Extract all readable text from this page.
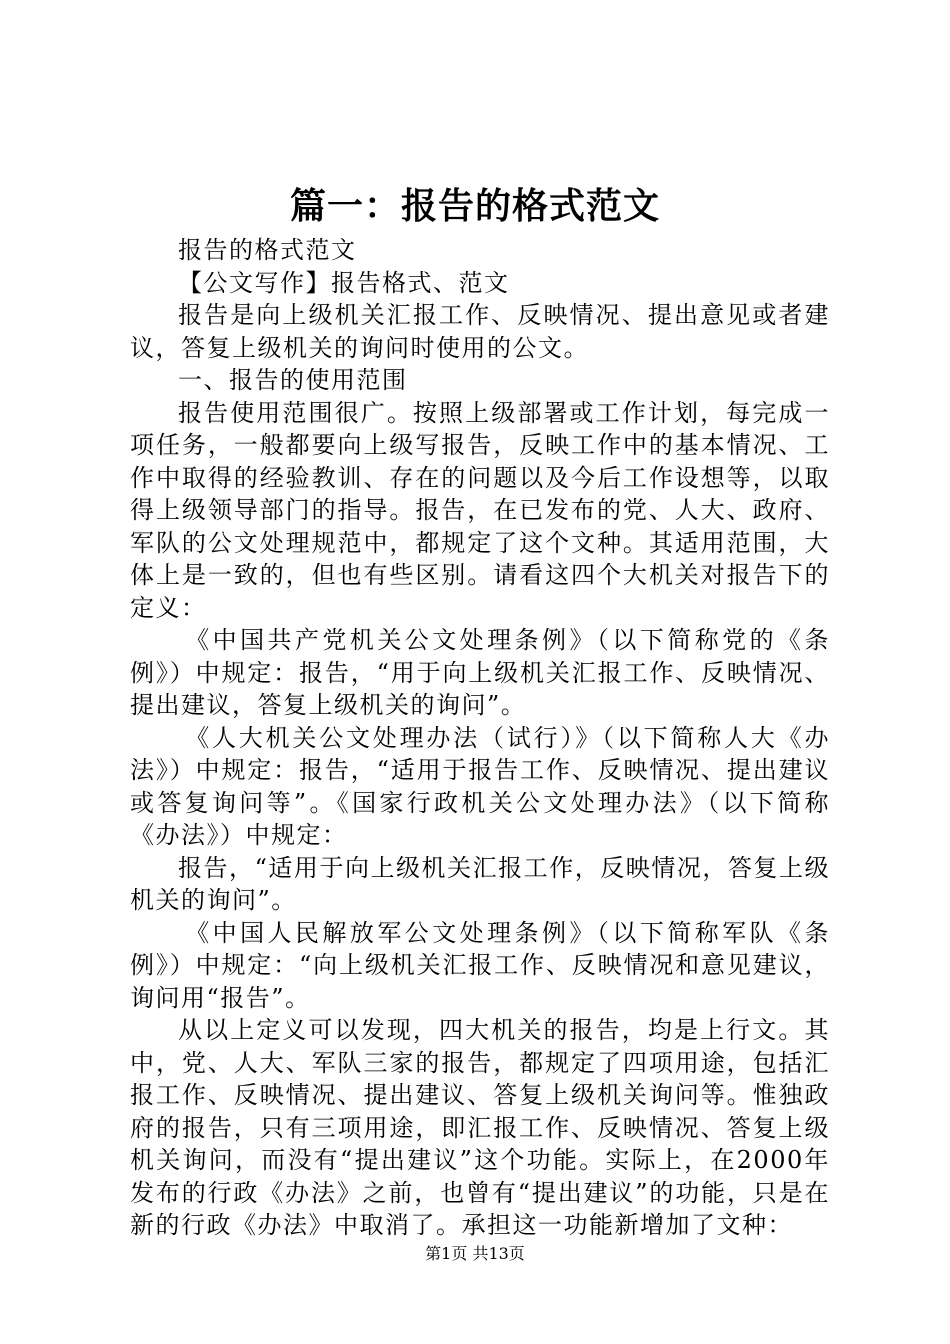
篇一：报告的格式范文

报告的格式范文

【公文写作】报告格式、范文

报告是向上级机关汇报工作、反映情况、提出意见或者建议，答复上级机关的询问时使用的公文。

一、报告的使用范围

报告使用范围很广。按照上级部署或工作计划，每完成一项任务，一般都要向上级写报告，反映工作中的基本情况、工作中取得的经验教训、存在的问题以及今后工作设想等，以取得上级领导部门的指导。报告，在已发布的党、人大、政府、军队的公文处理规范中，都规定了这个文种。其适用范围，大体上是一致的，但也有些区别。请看这四个大机关对报告下的定义：

《中国共产党机关公文处理条例》（以下简称党的《条例》）中规定：报告，“用于向上级机关汇报工作、反映情况、提出建议，答复上级机关的询问”。

《人大机关公文处理办法（试行）》（以下简称人大《办法》）中规定：报告，“适用于报告工作、反映情况、提出建议或答复询问等”。《国家行政机关公文处理办法》（以下简称《办法》）中规定：

报告，“适用于向上级机关汇报工作，反映情况，答复上级机关的询问”。

《中国人民解放军公文处理条例》（以下简称军队《条例》）中规定：“向上级机关汇报工作、反映情况和意见建议，询问用“报告”。

从以上定义可以发现，四大机关的报告，均是上行文。其中，党、人大、军队三家的报告，都规定了四项用途，包括汇报工作、反映情况、提出建议、答复上级机关询问等。惟独政府的报告，只有三项用途，即汇报工作、反映情况、答复上级机关询问，而没有“提出建议”这个功能。实际上，在2000年发布的行政《办法》之前，也曾有“提出建议”的功能，只是在新的行政《办法》中取消了。承担这一功能新增加了文种：

第1页 共13页
